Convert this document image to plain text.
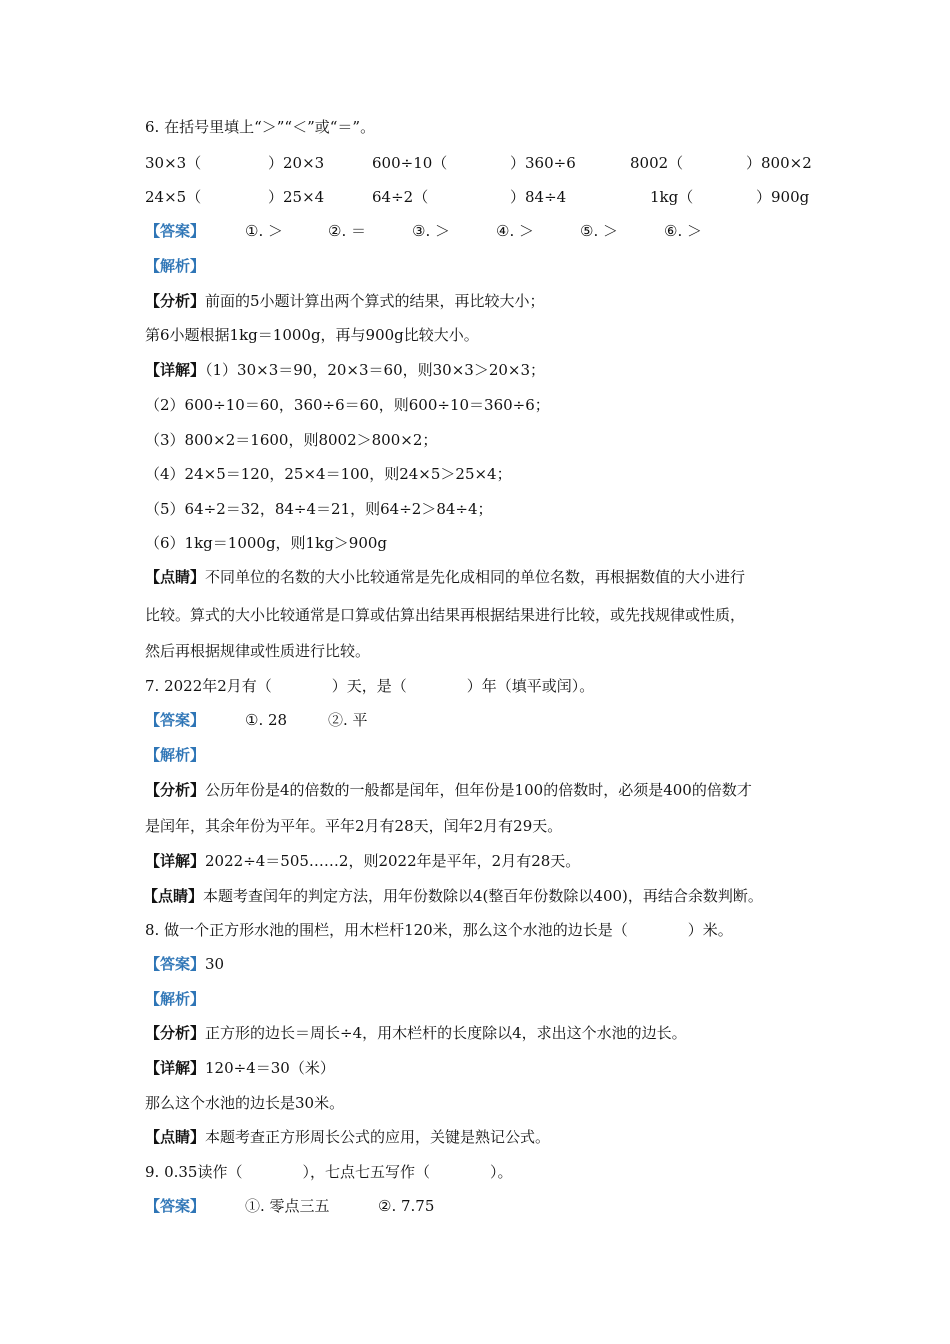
6. 在括号里填上“＞”“＜”或“＝”。
30×3（	）20×3	600÷10（	）360÷6	8002（	）800×2
24×5（	）25×4	64÷2（	）84÷4	1kg（	）900g
【答案】	①. ＞	②. ＝	③. ＞	④. ＞	⑤. ＞	⑥. ＞
【解析】
【分析】前面的5小题计算出两个算式的结果，再比较大小；
第6小题根据1kg＝1000g，再与900g比较大小。
【详解】（1）30×3＝90，20×3＝60，则30×3＞20×3；
（2）600÷10＝60，360÷6＝60，则600÷10＝360÷6；
（3）800×2＝1600，则8002＞800×2；
（4）24×5＝120，25×4＝100，则24×5＞25×4；
（5）64÷2＝32，84÷4＝21，则64÷2＞84÷4；
（6）1kg＝1000g，则1kg＞900g
【点睛】不同单位的名数的大小比较通常是先化成相同的单位名数，再根据数值的大小进行
比较。算式的大小比较通常是口算或估算出结果再根据结果进行比较，或先找规律或性质，
然后再根据规律或性质进行比较。
7. 2022年2月有（　　　　）天，是（　　　　）年（填平或闰）。
【答案】	①. 28	②. 平
【解析】
【分析】公历年份是4的倍数的一般都是闰年，但年份是100的倍数时，必须是400的倍数才
是闰年，其余年份为平年。平年2月有28天，闰年2月有29天。
【详解】2022÷4＝505……2，则2022年是平年，2月有28天。
【点睛】本题考查闰年的判定方法，用年份数除以4(整百年份数除以400)，再结合余数判断。
8. 做一个正方形水池的围栏，用木栏杆120米，那么这个水池的边长是（　　　　）米。
【答案】30
【解析】
【分析】正方形的边长＝周长÷4，用木栏杆的长度除以4，求出这个水池的边长。
【详解】120÷4＝30（米）
那么这个水池的边长是30米。
【点睛】本题考查正方形周长公式的应用，关键是熟记公式。
9. 0.35读作（　　　　），七点七五写作（　　　　）。
【答案】	①. 零点三五	②. 7.75
